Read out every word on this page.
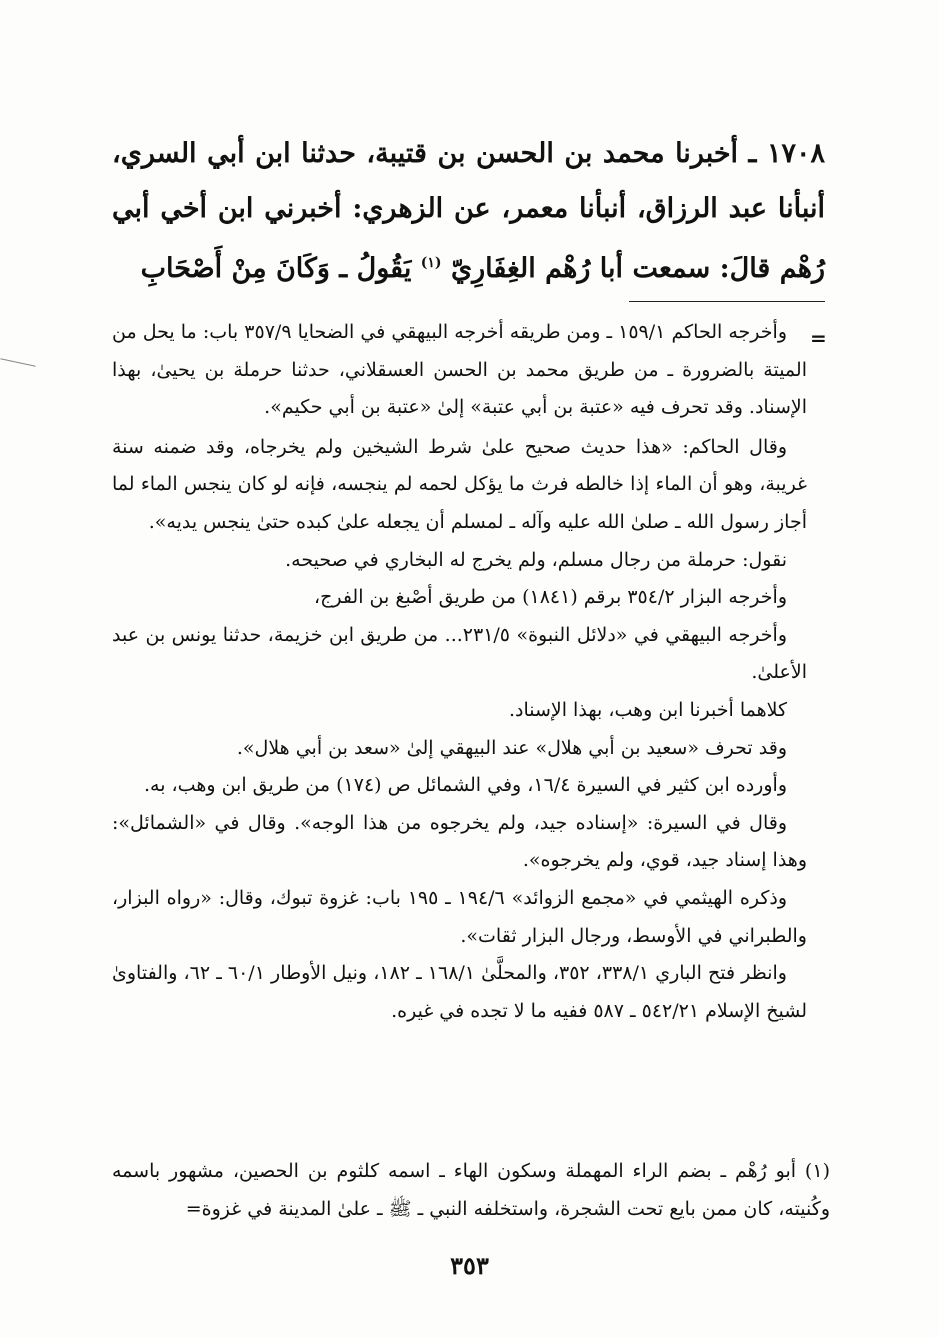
١٧٠٨ ـ أخبرنا محمد بن الحسن بن قتيبة، حدثنا ابن أبي السري، أنبأنا عبد الرزاق، أنبأنا معمر، عن الزهري: أخبرني ابن أخي أبي رُهْم قالَ: سمعت أبا رُهْم الغِفَارِيّ $^{(١)}$ يَقُولُ ـ وَكَانَ مِنْ أَصْحَابِ
=

وأخرجه الحاكم ١٥٩/١ ـ ومن طريقه أخرجه البيهقي في الضحايا ٣٥٧/٩ باب: ما يحل من الميتة بالضرورة ـ من طريق محمد بن الحسن العسقلاني، حدثنا حرملة بن يحيىٰ، بهذا الإسناد. وقد تحرف فيه «عتبة بن أبي عتبة» إلىٰ «عتبة بن أبي حكيم».

وقال الحاكم: «هذا حديث صحيح علىٰ شرط الشيخين ولم يخرجاه، وقد ضمنه سنة غريبة، وهو أن الماء إذا خالطه فرث ما يؤكل لحمه لم ينجسه، فإنه لو كان ينجس الماء لما أجاز رسول الله ـ صلىٰ الله عليه وآله ـ لمسلم أن يجعله علىٰ كبده حتىٰ ينجس يديه».

نقول: حرملة من رجال مسلم، ولم يخرج له البخاري في صحيحه.

وأخرجه البزار ٣٥٤/٢ برقم (١٨٤١) من طريق أصْبغ بن الفرج،

وأخرجه البيهقي في «دلائل النبوة» ٢٣١/٥... من طريق ابن خزيمة، حدثنا يونس بن عبد الأعلىٰ.

كلاهما أخبرنا ابن وهب، بهذا الإسناد.

وقد تحرف «سعيد بن أبي هلال» عند البيهقي إلىٰ «سعد بن أبي هلال».

وأورده ابن كثير في السيرة ١٦/٤، وفي الشمائل ص (١٧٤) من طريق ابن وهب، به.

وقال في السيرة: «إسناده جيد، ولم يخرجوه من هذا الوجه». وقال في «الشمائل»: وهذا إسناد جيد، قوي، ولم يخرجوه».

وذكره الهيثمي في «مجمع الزوائد» ١٩٤/٦ ـ ١٩٥ باب: غزوة تبوك، وقال: «رواه البزار، والطبراني في الأوسط، ورجال البزار ثقات».

وانظر فتح الباري ٣٣٨/١، ٣٥٢، والمحلَّىٰ ١٦٨/١ ـ ١٨٢، ونيل الأوطار ٦٠/١ ـ ٦٢، والفتاوىٰ لشيخ الإسلام ٥٤٢/٢١ ـ ٥٨٧ ففيه ما لا تجده في غيره.

(١) أبو رُهْم ـ بضم الراء المهملة وسكون الهاء ـ اسمه كلثوم بن الحصين، مشهور باسمه وكُنيته، كان ممن بايع تحت الشجرة، واستخلفه النبي ـ ﷺ ـ علىٰ المدينة في غزوة=
٣٥٣
